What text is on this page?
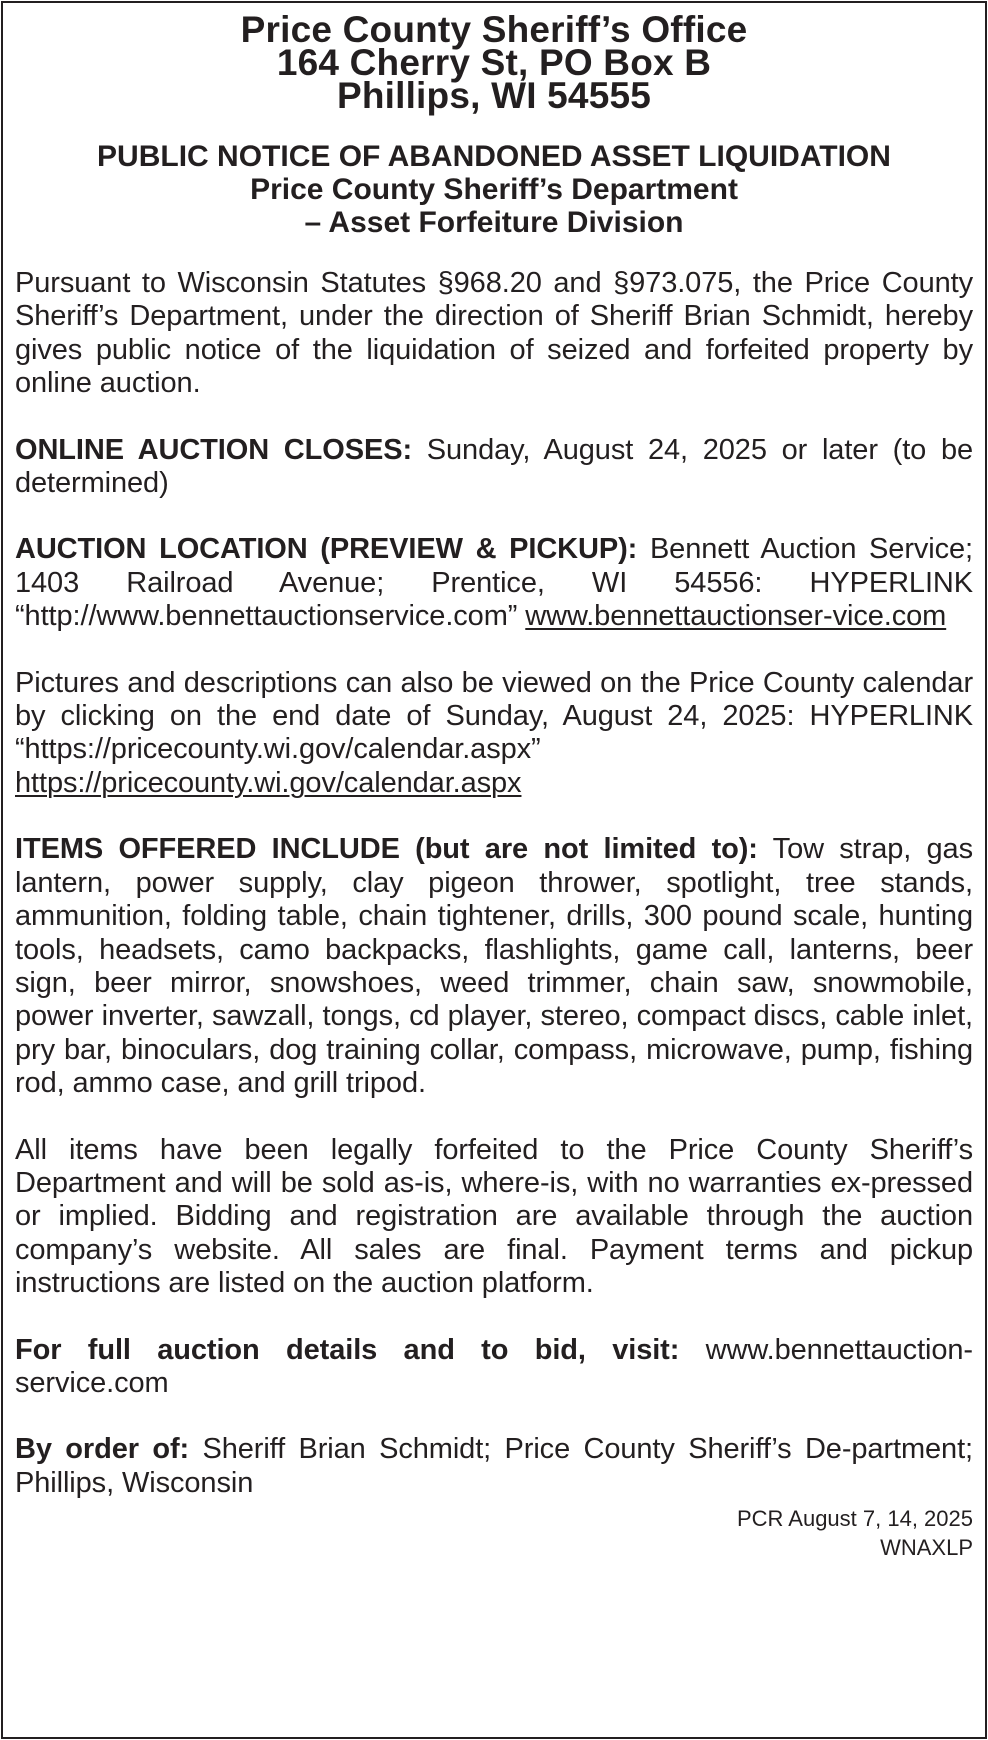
Price County Sheriff’s Office
164 Cherry St, PO Box B
Phillips, WI 54555
PUBLIC NOTICE OF ABANDONED ASSET LIQUIDATION
Price County Sheriff’s Department
– Asset Forfeiture Division

Pursuant to Wisconsin Statutes §968.20 and §973.075, the Price County Sheriff’s Department, under the direction of Sheriff Brian Schmidt, hereby gives public notice of the liquidation of seized and forfeited property by online auction.

ONLINE AUCTION CLOSES: Sunday, August 24, 2025 or later (to be determined)

AUCTION LOCATION (PREVIEW & PICKUP): Bennett Auction Service; 1403 Railroad Avenue; Prentice, WI 54556: HYPERLINK “http://www.bennettauctionservice.com” www.bennettauctionser-vice.com

Pictures and descriptions can also be viewed on the Price County calendar by clicking on the end date of Sunday, August 24, 2025: HYPERLINK “https://pricecounty.wi.gov/calendar.aspx” https://pricecounty.wi.gov/calendar.aspx

ITEMS OFFERED INCLUDE (but are not limited to): Tow strap, gas lantern, power supply, clay pigeon thrower, spotlight, tree stands, ammunition, folding table, chain tightener, drills, 300 pound scale, hunting tools, headsets, camo backpacks, flashlights, game call, lanterns, beer sign, beer mirror, snowshoes, weed trimmer, chain saw, snowmobile, power inverter, sawzall, tongs, cd player, stereo, compact discs, cable inlet, pry bar, binoculars, dog training collar, compass, microwave, pump, fishing rod, ammo case, and grill tripod.

All items have been legally forfeited to the Price County Sheriff’s Department and will be sold as-is, where-is, with no warranties ex-pressed or implied. Bidding and registration are available through the auction company’s website. All sales are final. Payment terms and pickup instructions are listed on the auction platform.

For full auction details and to bid, visit: www.bennettauction-service.com

By order of: Sheriff Brian Schmidt; Price County Sheriff’s De-partment; Phillips, Wisconsin

PCR August 7, 14, 2025
WNAXLP
